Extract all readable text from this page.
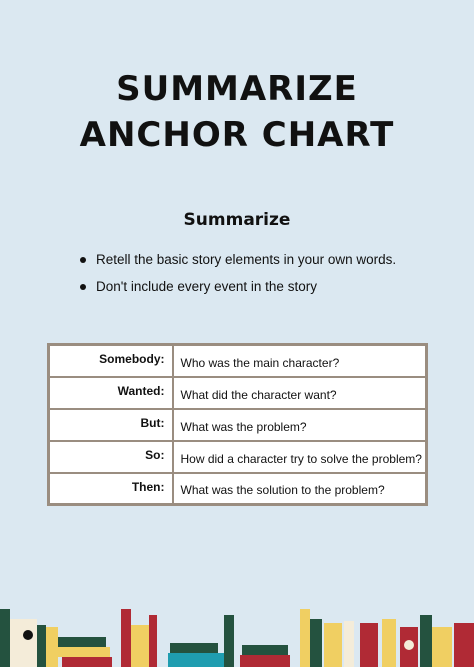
SUMMARIZE
ANCHOR CHART
Summarize
Retell the basic story elements in your own words.
Don't include every event in the story
Somebody:	Who was the main character?
Wanted:	What did the character want?
But:	What was the problem?
So:	How did a character try to solve the problem?
Then:	What was the solution to the problem?
